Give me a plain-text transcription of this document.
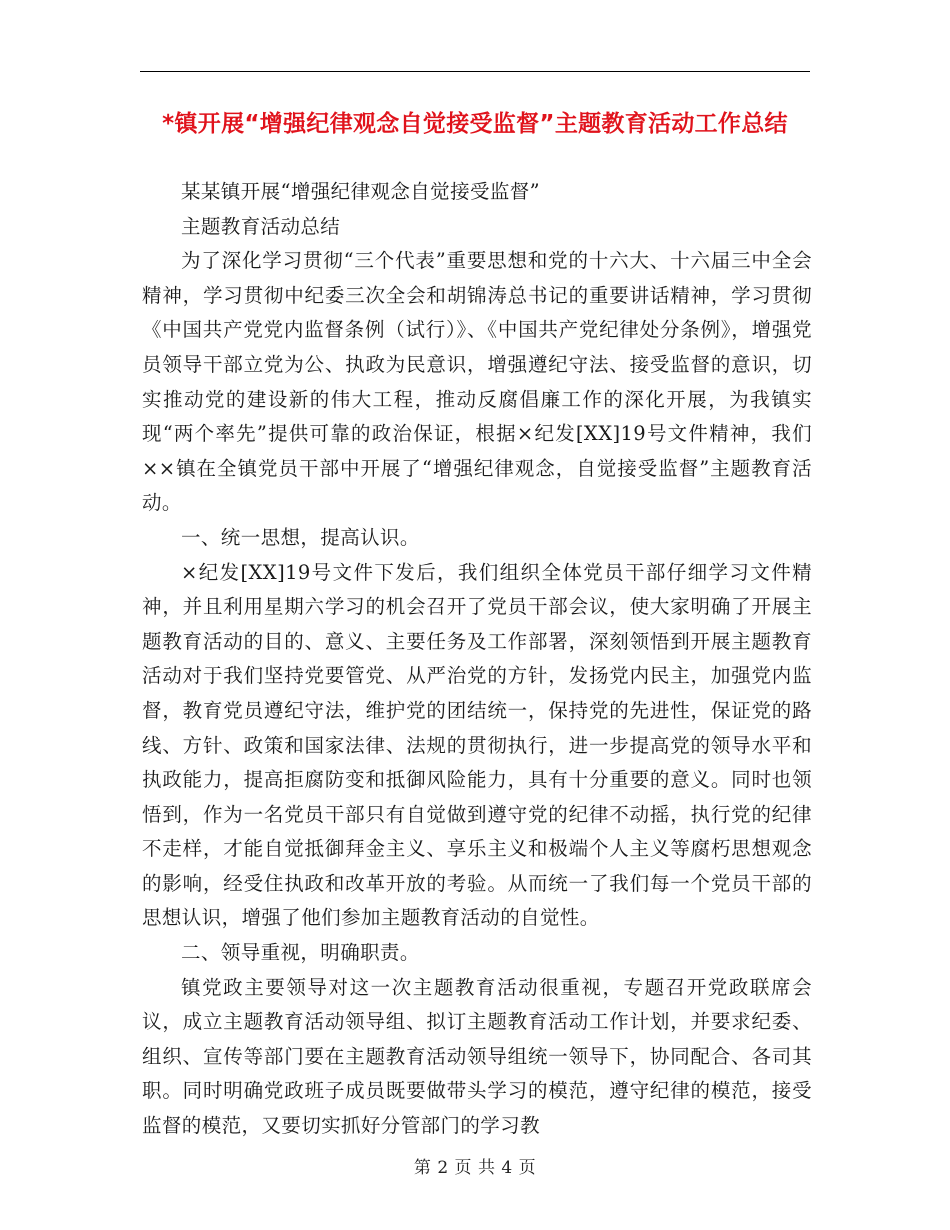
*镇开展“增强纪律观念自觉接受监督”主题教育活动工作总结

某某镇开展“增强纪律观念自觉接受监督”

主题教育活动总结

为了深化学习贯彻“三个代表”重要思想和党的十六大、十六届三中全会精神，学习贯彻中纪委三次全会和胡锦涛总书记的重要讲话精神，学习贯彻《中国共产党党内监督条例（试行）》、《中国共产党纪律处分条例》，增强党员领导干部立党为公、执政为民意识，增强遵纪守法、接受监督的意识，切实推动党的建设新的伟大工程，推动反腐倡廉工作的深化开展，为我镇实现“两个率先”提供可靠的政治保证，根据×纪发[XX]19号文件精神，我们××镇在全镇党员干部中开展了“增强纪律观念，自觉接受监督”主题教育活动。

一、统一思想，提高认识。

×纪发[XX]19号文件下发后，我们组织全体党员干部仔细学习文件精神，并且利用星期六学习的机会召开了党员干部会议，使大家明确了开展主题教育活动的目的、意义、主要任务及工作部署，深刻领悟到开展主题教育活动对于我们坚持党要管党、从严治党的方针，发扬党内民主，加强党内监督，教育党员遵纪守法，维护党的团结统一，保持党的先进性，保证党的路线、方针、政策和国家法律、法规的贯彻执行，进一步提高党的领导水平和执政能力，提高拒腐防变和抵御风险能力，具有十分重要的意义。同时也领悟到，作为一名党员干部只有自觉做到遵守党的纪律不动摇，执行党的纪律不走样，才能自觉抵御拜金主义、享乐主义和极端个人主义等腐朽思想观念的影响，经受住执政和改革开放的考验。从而统一了我们每一个党员干部的思想认识，增强了他们参加主题教育活动的自觉性。

二、领导重视，明确职责。

镇党政主要领导对这一次主题教育活动很重视，专题召开党政联席会议，成立主题教育活动领导组、拟订主题教育活动工作计划，并要求纪委、组织、宣传等部门要在主题教育活动领导组统一领导下，协同配合、各司其职。同时明确党政班子成员既要做带头学习的模范，遵守纪律的模范，接受监督的模范，又要切实抓好分管部门的学习教

第 2 页 共 4 页
